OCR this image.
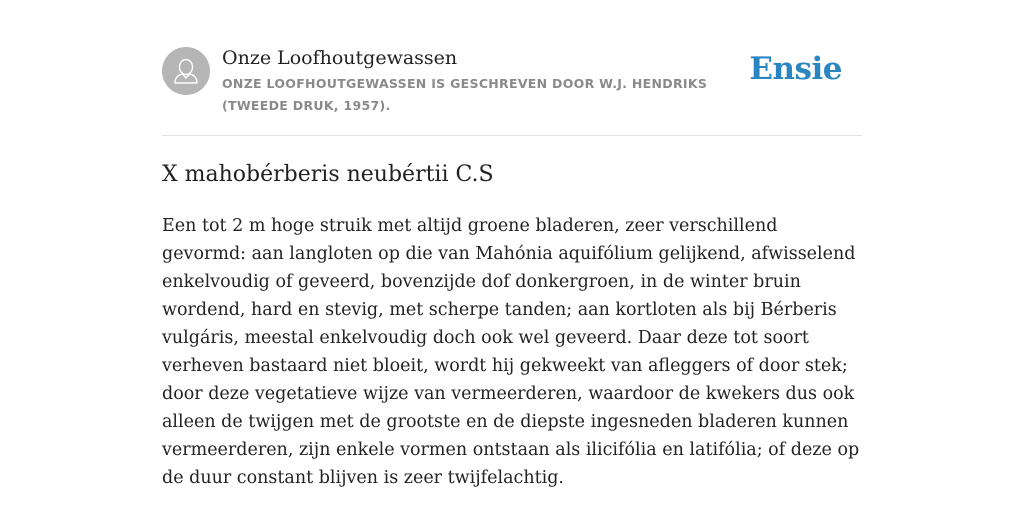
Onze Loofhoutgewassen
ONZE LOOFHOUTGEWASSEN IS GESCHREVEN DOOR W.J. HENDRIKS (TWEEDE DRUK, 1957).
Ensie
X mahobérberis neubértii C.S

Een tot 2 m hoge struik met altijd groene bladeren, zeer verschillend gevormd: aan langloten op die van Mahónia aquifólium gelijkend, afwisselend enkelvoudig of geveerd, bovenzijde dof donkergroen, in de winter bruin wordend, hard en stevig, met scherpe tanden; aan kortloten als bij Bérberis vulgáris, meestal enkelvoudig doch ook wel geveerd. Daar deze tot soort verheven bastaard niet bloeit, wordt hij gekweekt van afleggers of door stek; door deze vegetatieve wijze van vermeerderen, waardoor de kwekers dus ook alleen de twijgen met de grootste en de diepste ingesneden bladeren kunnen vermeerderen, zijn enkele vormen ontstaan als ilicifólia en latifólia; of deze op de duur constant blijven is zeer twijfelachtig.
